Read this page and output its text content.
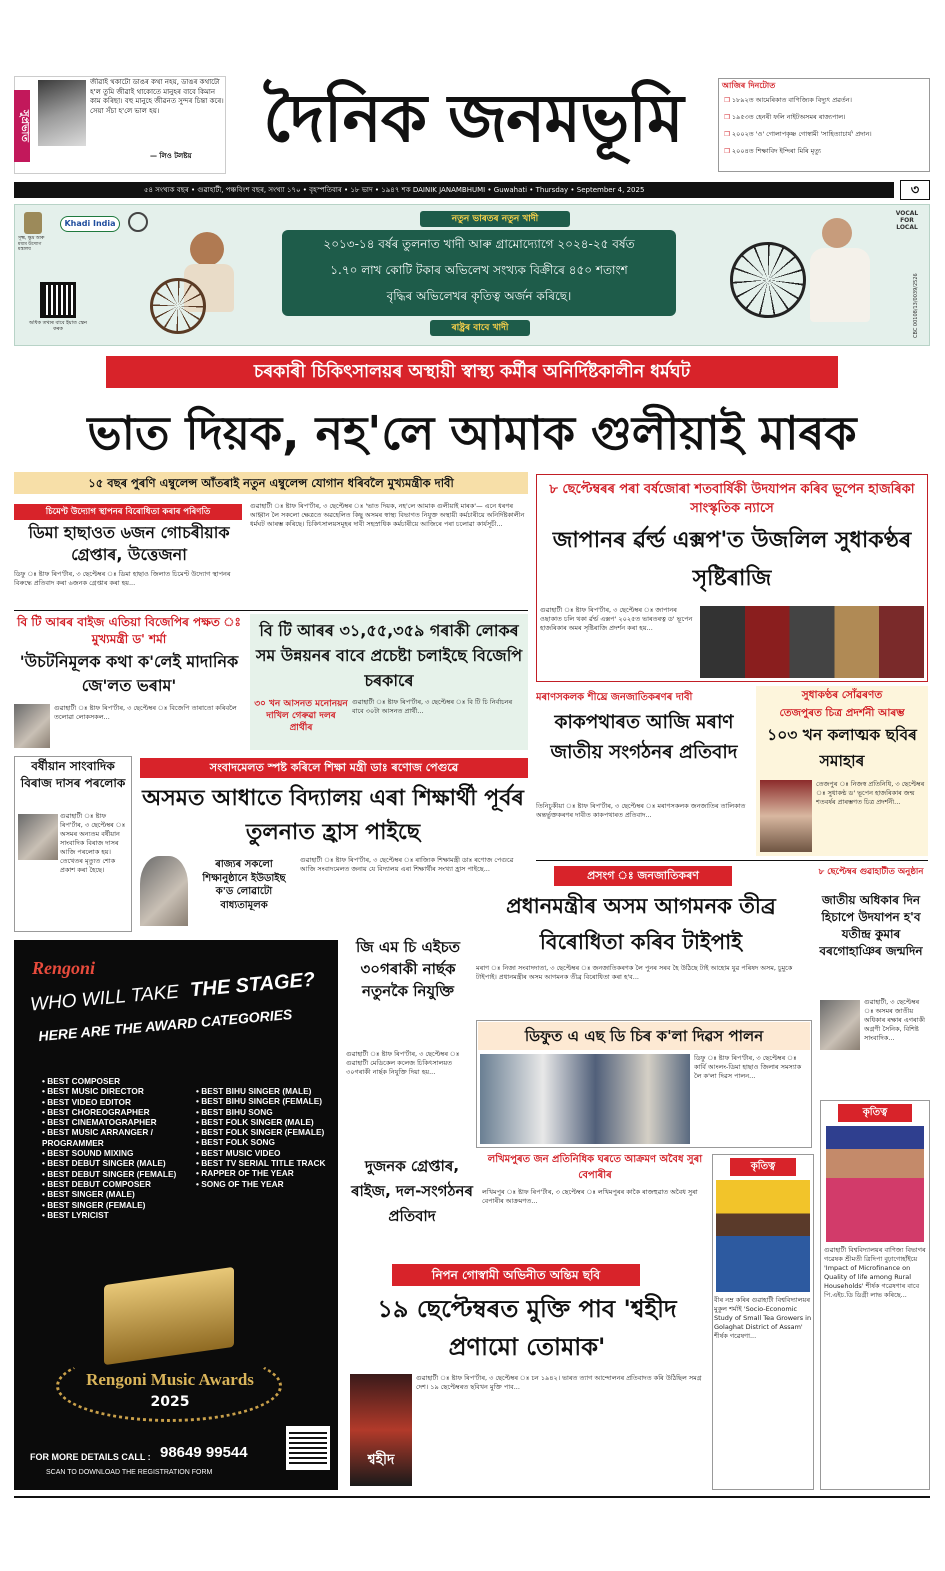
সুপ্রভাত
জীৱাই থকাটো ডাঙৰ কথা নহয়, ডাঙৰ কথাটো হ'ল তুমি জীৱাই থাকোতে মানুহৰ বাবে কিমান কাম কৰিছা। বহু মানুহে জীৱনত সুন্দৰ চিন্তা কৰে। সেয়া সঁচা হ'লে ভাল হয়।
— লিও টলষ্টয়	দৈনিক জনমভূমি	আজিৰ দিনটোত
❒ ১৮৯২ত আমেৰিকাত বাণিজ্যিক বিদ্যুৎ প্ৰৱৰ্তন।
❒ ১৯৫৩ত হেনৰী ফলি নাইটঅসমৰ ৰাজ্যপাল।
❒ ২০০২ত 'ও' গোলাপকৃষ্ণ গোস্বামী 'সাহিত্যাচাৰ্য' প্ৰদান।
❒ ২০০৪ত শিক্ষাবিদ ইন্দিৰা মিৰি মৃত্যু
৫৪ সংখ্যক বছৰ • গুৱাহাটী, পঞ্চবিংশ বছৰ, সংখ্যা ১৭০ • বৃহস্পতিবাৰ • ১৮ ভাদ • ১৯৪৭ শক DAINIK JANAMBHUMI • Guwahati • Thursday • September 4, 2025	৩
সূক্ষ্ম, ক্ষুদ্ৰ আৰু মধ্যম উদ্যোগ মন্ত্ৰালয়
Khadi India
অধিক তথ্যৰ বাবে ইয়াত স্কেন কৰক
নতুন ভাৰতৰ নতুন খাদী
২০১৩-১৪ বৰ্ষৰ তুলনাত খাদী আৰু গ্ৰামোদ্যোগে ২০২৪-২৫ বৰ্ষত
১.৭০ লাখ কোটি টকাৰ অভিলেখ সংখ্যক বিক্ৰীৰে ৪৫০ শতাংশ
বৃদ্ধিৰ অভিলেখৰ কৃতিত্ব অৰ্জন কৰিছে।
ৰাষ্ট্ৰৰ বাবে খাদী
VOCAL FOR LOCAL
CBC 00108/13/0039/2526
চৰকাৰী চিকিৎসালয়ৰ অস্থায়ী স্বাস্থ্য কৰ্মীৰ অনিৰ্দিষ্টকালীন ধৰ্মঘট
ভাত দিয়ক, নহ'লে আমাক গুলীয়াই মাৰক
১৫ বছৰ পুৰণি এম্বুলেন্স আঁতৰাই নতুন এম্বুলেন্স যোগান ধৰিবলৈ মুখ্যমন্ত্ৰীক দাবী
চিমেণ্ট উদ্যোগ স্থাপনৰ বিৰোধিতা কৰাৰ পৰিণতি
ডিমা হাছাওত ৬জন গোচৰীয়াক গ্ৰেপ্তাৰ, উত্তেজনা
ডিফু ঃ ষ্টাফ ৰিপ'ৰ্টাৰ, ৩ ছেপ্টেম্বৰ ঃ ডিমা হাছাও জিলাত চিমেণ্ট উদ্যোগ স্থাপনৰ বিৰুদ্ধে প্ৰতিবাদ কৰা ৬জনক গ্ৰেপ্তাৰ কৰা হয়...
গুৱাহাটী ঃ ষ্টাফ ৰিপ'ৰ্টাৰ, ৩ ছেপ্টেম্বৰ ঃ 'ভাত দিয়ক, নহ'লে আমাক গুলীয়াই মাৰক'— এনে ধৰণৰ আহ্বান লৈ সকলো ক্ষেত্ৰতে অৱহেলিত কিছু অসমৰ স্বাস্থ্য বিভাগত নিযুক্ত অস্থায়ী কৰ্মচাৰীয়ে অনিৰ্দিষ্টকালীন ধৰ্মঘট আৰম্ভ কৰিছে। চিকিৎসালয়সমূহৰ দাবী সহস্ৰাধিক কৰ্মচাৰীয়ে আজিৰে পৰা চলোৱা কাৰ্যসূচী...
বি টি আৰৰ বাইজ এতিয়া বিজেপিৰ পক্ষত ঃ মুখ্যমন্ত্ৰী ড' শৰ্মা
'উচটনিমূলক কথা ক'লেই মাদানিক জে'লত ভৰাম'
গুৱাহাটী ঃ ষ্টাফ ৰিপ'ৰ্টাৰ, ৩ ছেপ্টেম্বৰ ঃ বিজেপি তাৰাতো কৰিবলৈ তলোৱা লোকসকল...
বি টি আৰৰ ৩১,৫৫,৩৫৯ গৰাকী লোকৰ সম উন্নয়নৰ বাবে প্ৰচেষ্টা চলাইছে বিজেপি চৰকাৰে
৩০ খন আসনত মনোনয়ন দাখিল গেৰুৱা দলৰ প্ৰাৰ্থীৰ
গুৱাহাটী ঃ ষ্টাফ ৰিপ'ৰ্টাৰ, ৩ ছেপ্টেম্বৰ ঃ বি টি চি নিৰ্বাচনৰ বাবে ৩০টা আসনত প্ৰাৰ্থী...
৮ ছেপ্টেম্বৰৰ পৰা বৰ্ষজোৰা শতবাৰ্ষিকী উদযাপন কৰিব ভূপেন হাজৰিকা সাংস্কৃতিক ন্যাসে
জাপানৰ ৰ্ৱৰ্ল্ড এক্সপ'ত উজলিল সুধাকণ্ঠৰ সৃষ্টিৰাজি
গুৱাহাটী ঃ ষ্টাফ ৰিপ'ৰ্টাৰ, ৩ ছেপ্টেম্বৰ ঃ জাপানৰ ওছাকাত চলি থকা ৰ্ৱৰ্ল্ড এক্সপ' ২০২৫ত ভাৰতৰত্ন ড' ভূপেন হাজৰিকাৰ অমৰ সৃষ্টিৰাজি প্ৰদৰ্শন কৰা হয়...
বৰ্ষীয়ান সাংবাদিক বিৰাজ দাসৰ পৰলোক
গুৱাহাটী ঃ ষ্টাফ ৰিপ'ৰ্টাৰ, ৩ ছেপ্টেম্বৰ ঃ অসমৰ অন্যতম বৰ্ষীয়ান সাংবাদিক বিৰাজ দাসৰ আজি পৰলোক হয়। তেখেতৰ মৃত্যুত শোক প্ৰকাশ কৰা হৈছে।
সংবাদমেলত স্পষ্ট কৰিলে শিক্ষা মন্ত্ৰী ডাঃ ৰণোজ পেগুৱে
অসমত আধাতে বিদ্যালয় এৰা শিক্ষাৰ্থী পূৰ্বৰ তুলনাত হ্ৰাস পাইছে
ৰাজ্যৰ সকলো শিক্ষানুষ্ঠানে ইউডাইছ ক'ড লোৱাটো বাধ্যতামূলক
গুৱাহাটী ঃ ষ্টাফ ৰিপ'ৰ্টাৰ, ৩ ছেপ্টেম্বৰ ঃ ৰাজ্যিক শিক্ষামন্ত্ৰী ডাঃ ৰণোজ পেগুৱে আজি সংবাদমেলত জনায় যে বিদ্যালয় এৰা শিক্ষাৰ্থীৰ সংখ্যা হ্ৰাস পাইছে...
মৰাণসকলক শীঘ্ৰে জনজাতিকৰণৰ দাবী
কাকপথাৰত আজি মৰাণ জাতীয় সংগঠনৰ প্ৰতিবাদ
তিনিচুকীয়া ঃ ষ্টাফ ৰিপ'ৰ্টাৰ, ৩ ছেপ্টেম্বৰ ঃ মৰাণসকলক জনজাতিৰ তালিকাত অন্তৰ্ভুক্তকৰণৰ দাবীত কাকপথাৰত প্ৰতিবাদ...
সুধাকণ্ঠৰ সোঁৱৰণত
তেজপুৰত চিত্ৰ প্ৰদৰ্শনী আৰম্ভ
১০৩ খন কলাত্মক ছবিৰ সমাহাৰ
তেজপুৰ ঃ নিজস্ব প্ৰতিনিধি, ৩ ছেপ্টেম্বৰ ঃ সুধাকণ্ঠ ড' ভূপেন হাজৰিকাৰ জন্ম শতবৰ্ষৰ প্ৰাৰম্ভণত চিত্ৰ প্ৰদৰ্শনী...
প্ৰসংগ ঃ জনজাতিকৰণ
প্ৰধানমন্ত্ৰীৰ অসম আগমনক তীব্ৰ বিৰোধিতা কৰিব টাইপাই
মৰাণ ঃ নিজা সংবাদদাতা, ৩ ছেপ্টেম্বৰ ঃ জনজাতিকৰণক লৈ পুনৰ সৰব হৈ উঠিছে টাই আহোম যুৱ পৰিষদ অসম, চুমুকে টাইপাই। প্ৰধানমন্ত্ৰীৰ অসম আগমনক তীব্ৰ বিৰোধিতা কৰা হ'ব...
৮ ছেপ্টেম্বৰ গুৱাহাটীত অনুষ্ঠান
জাতীয় অধিকাৰ দিন হিচাপে উদযাপন হ'ব যতীন্দ্ৰ কুমাৰ বৰগোহাঞিৰ জন্মদিন
গুৱাহাটী, ৩ ছেপ্টেম্বৰ ঃ অসমৰ জাতীয় অধিকাৰ ৰক্ষাৰ এগৰাকী অগ্ৰণী সৈনিক, বিশিষ্ট সাংবাদিক...
Rengoni
WHO WILL TAKE THE STAGE?
HERE ARE THE AWARD CATEGORIES
• BEST COMPOSER
• BEST MUSIC DIRECTOR
• BEST VIDEO EDITOR
• BEST CHOREOGRAPHER
• BEST CINEMATOGRAPHER
• BEST MUSIC ARRANGER / PROGRAMMER
• BEST SOUND MIXING
• BEST DEBUT SINGER (MALE)
• BEST DEBUT SINGER (FEMALE)
• BEST DEBUT COMPOSER
• BEST SINGER (MALE)
• BEST SINGER (FEMALE)
• BEST LYRICIST
• BEST BIHU SINGER (MALE)
• BEST BIHU SINGER (FEMALE)
• BEST BIHU SONG
• BEST FOLK SINGER (MALE)
• BEST FOLK SINGER (FEMALE)
• BEST FOLK SONG
• BEST MUSIC VIDEO
• BEST TV SERIAL TITLE TRACK
• RAPPER OF THE YEAR
• SONG OF THE YEAR
Rengoni Music Awards
2025
FOR MORE DETAILS CALL : 98649 99544
SCAN TO DOWNLOAD THE REGISTRATION FORM
জি এম চি এইচত ৩০গৰাকী নাৰ্ছক নতুনকৈ নিযুক্তি
গুৱাহাটী ঃ ষ্টাফ ৰিপ'ৰ্টাৰ, ৩ ছেপ্টেম্বৰ ঃ গুৱাহাটী মেডিকেল কলেজ চিকিৎসালয়ত ৩০গৰাকী নাৰ্ছক নিযুক্তি দিয়া হয়...
ডিফুত এ এছ ডি চিৰ ক'লা দিৱস পালন
ডিফু ঃ ষ্টাফ ৰিপ'ৰ্টাৰ, ৩ ছেপ্টেম্বৰ ঃ কাৰ্বি আংলং-ডিমা হাছাও জিলাৰ সমস্যাক লৈ ক'লা দিৱস পালন...
দুজনক গ্ৰেপ্তাৰ, ৰাইজ, দল-সংগঠনৰ প্ৰতিবাদ
লখিমপুৰত জন প্ৰতিনিধিক ঘৰতে আক্ৰমণ অবৈধ সুৰা বেপাৰীৰ
লখিমপুৰ ঃ ষ্টাফ ৰিপ'ৰ্টাৰ, ৩ ছেপ্টেম্বৰ ঃ লখিমপুৰৰ কাকৈ ৰাজহুৱাত অবৈধ সুৰা বেপাৰীৰ আক্ৰমণত...
কৃতিত্ব
বীৰ নম্ৰ কৰিৰ গুৱাহাটী বিশ্ববিদ্যালয়ৰ মুকুল শৰ্মাই 'Socio-Economic Study of Small Tea Growers in Golaghat District of Assam' শীৰ্ষক গৱেষণা...
কৃতিত্ব
গুৱাহাটী বিশ্ববিদ্যালয়ৰ বাণিজ্য বিভাগৰ গৱেষক শ্ৰীমতী ত্ৰিদিপা বুঢ়াগোহাঁইয়ে 'Impact of Microfinance on Quality of life among Rural Households' শীৰ্ষক গৱেষণাৰ বাবে পি.এইচ.ডি ডিগ্ৰী লাভ কৰিছে...
নিপন গোস্বামী অভিনীত অন্তিম ছবি
১৯ ছেপ্টেম্বৰত মুক্তি পাব 'শ্বহীদ প্ৰণামো তোমাক'
শ্বহীদ
গুৱাহাটী ঃ ষ্টাফ ৰিপ'ৰ্টাৰ, ৩ ছেপ্টেম্বৰ ঃ চন ১৯৪২। ভাৰত ত্যাগ আন্দোলনৰ প্ৰতিবাদত কৰি উঠিছিল সমগ্ৰ দেশ। ১৯ ছেপ্টেম্বৰত ছবিখন মুক্তি পাব...
